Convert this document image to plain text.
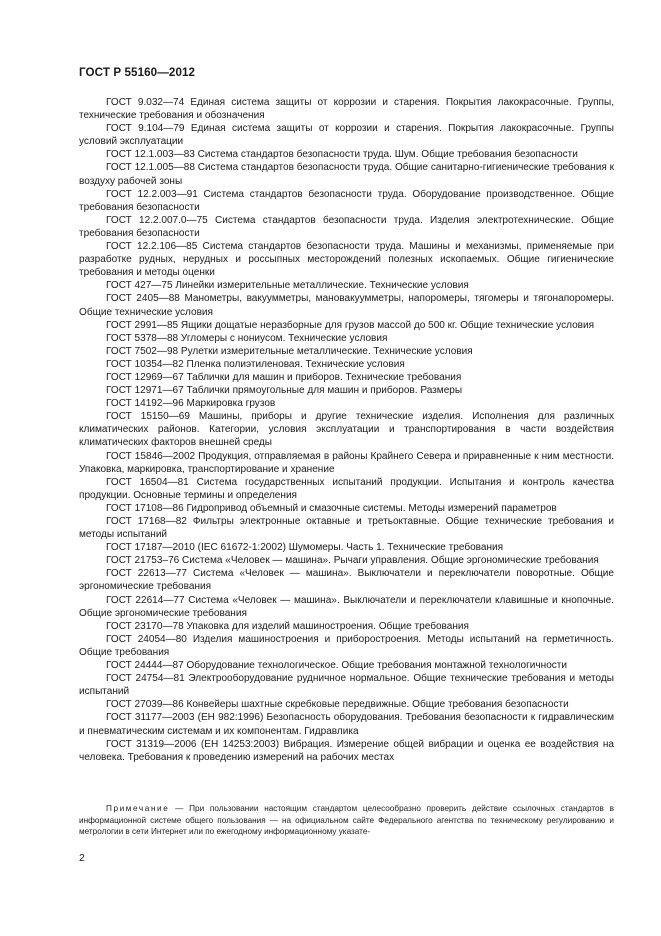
ГОСТ Р 55160—2012

ГОСТ 9.032—74 Единая система защиты от коррозии и старения. Покрытия лакокрасочные. Группы, технические требования и обозначения

ГОСТ 9.104—79 Единая система защиты от коррозии и старения. Покрытия лакокрасочные. Группы условий эксплуатации

ГОСТ 12.1.003—83 Система стандартов безопасности труда. Шум. Общие требования безопасности

ГОСТ 12.1.005—88 Система стандартов безопасности труда. Общие санитарно-гигиенические требования к воздуху рабочей зоны

ГОСТ 12.2.003—91 Система стандартов безопасности труда. Оборудование производственное. Общие требования безопасности

ГОСТ 12.2.007.0—75 Система стандартов безопасности труда. Изделия электротехнические. Общие требования безопасности

ГОСТ 12.2.106—85 Система стандартов безопасности труда. Машины и механизмы, применяемые при разработке рудных, нерудных и россыпных месторождений полезных ископаемых. Общие гигиенические требования и методы оценки

ГОСТ 427—75 Линейки измерительные металлические. Технические условия

ГОСТ 2405—88 Манометры, вакуумметры, мановакуумметры, напоромеры, тягомеры и тягонапоромеры. Общие технические условия

ГОСТ 2991—85 Ящики дощатые неразборные для грузов массой до 500 кг. Общие технические условия

ГОСТ 5378—88 Угломеры с нониусом. Технические условия

ГОСТ 7502—98 Рулетки измерительные металлические. Технические условия

ГОСТ 10354—82 Пленка полиэтиленовая. Технические условия

ГОСТ 12969—67 Таблички для машин и приборов. Технические требования

ГОСТ 12971—67 Таблички прямоугольные для машин и приборов. Размеры

ГОСТ 14192—96 Маркировка грузов

ГОСТ 15150—69 Машины, приборы и другие технические изделия. Исполнения для различных климатических районов. Категории, условия эксплуатации и транспортирования в части воздействия климатических факторов внешней среды

ГОСТ 15846—2002 Продукция, отправляемая в районы Крайнего Севера и приравненные к ним местности. Упаковка, маркировка, транспортирование и хранение

ГОСТ 16504—81 Система государственных испытаний продукции. Испытания и контроль качества продукции. Основные термины и определения

ГОСТ 17108—86 Гидропривод объемный и смазочные системы. Методы измерений параметров

ГОСТ 17168—82 Фильтры электронные октавные и третьоктавные. Общие технические требования и методы испытаний

ГОСТ 17187—2010 (IEC 61672-1:2002) Шумомеры. Часть 1. Технические требования

ГОСТ 21753–76 Система «Человек — машина». Рычаги управления. Общие эргономические требования

ГОСТ 22613—77 Система «Человек — машина». Выключатели и переключатели поворотные. Общие эргономические требования

ГОСТ 22614—77 Система «Человек — машина». Выключатели и переключатели клавишные и кнопочные. Общие эргономические требования

ГОСТ 23170—78 Упаковка для изделий машиностроения. Общие требования

ГОСТ 24054—80 Изделия машиностроения и приборостроения. Методы испытаний на герметичность. Общие требования

ГОСТ 24444—87 Оборудование технологическое. Общие требования монтажной технологичности

ГОСТ 24754—81 Электрооборудование рудничное нормальное. Общие технические требования и методы испытаний

ГОСТ 27039—86 Конвейеры шахтные скребковые передвижные. Общие требования безопасности

ГОСТ 31177—2003 (ЕН 982:1996) Безопасность оборудования. Требования безопасности к гидравлическим и пневматическим системам и их компонентам. Гидравлика

ГОСТ 31319—2006 (ЕН 14253:2003) Вибрация. Измерение общей вибрации и оценка ее воздействия на человека. Требования к проведению измерений на рабочих местах

Примечание — При пользовании настоящим стандартом целесообразно проверить действие ссылочных стандартов в информационной системе общего пользования — на официальном сайте Федерального агентства по техническому регулированию и метрологии в сети Интернет или по ежегодному информационному указате-

2
